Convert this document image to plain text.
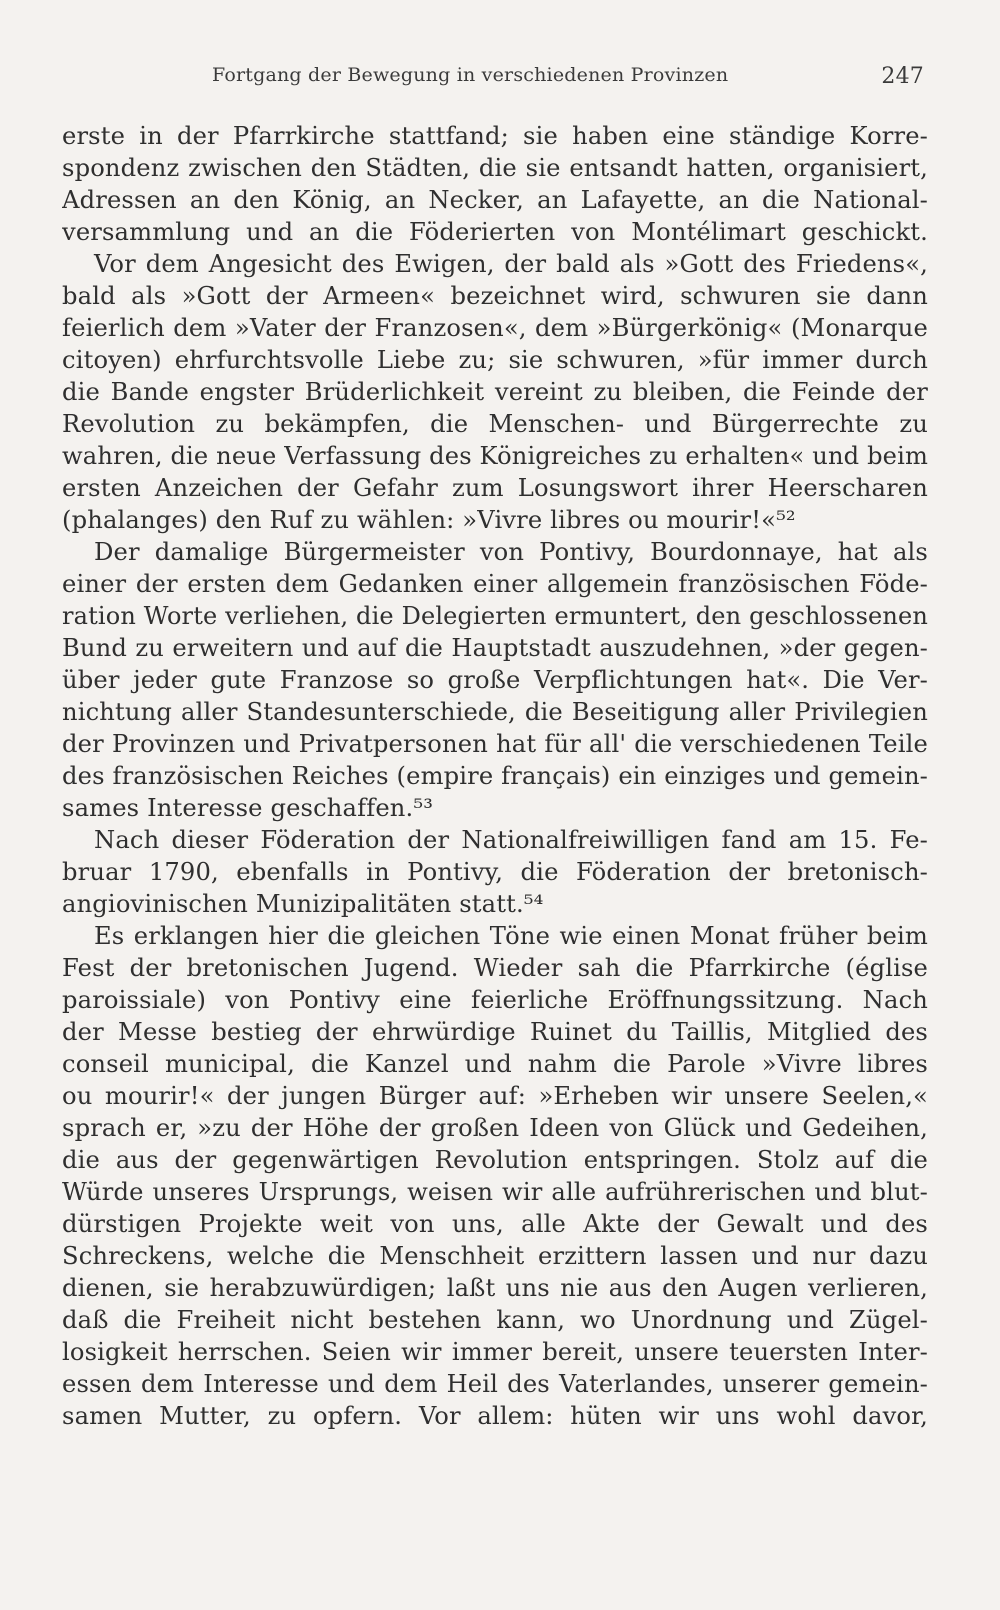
Fortgang der Bewegung in verschiedenen Provinzen	247
erste in der Pfarrkirche stattfand; sie haben eine ständige Korre-
spondenz zwischen den Städten, die sie entsandt hatten, organisiert,
Adressen an den König, an Necker, an Lafayette, an die National-
versammlung und an die Föderierten von Montélimart geschickt.
Vor dem Angesicht des Ewigen, der bald als »Gott des Friedens«,
bald als »Gott der Armeen« bezeichnet wird, schwuren sie dann
feierlich dem »Vater der Franzosen«, dem »Bürgerkönig« (Monarque
citoyen) ehrfurchtsvolle Liebe zu; sie schwuren, »für immer durch
die Bande engster Brüderlichkeit vereint zu bleiben, die Feinde der
Revolution zu bekämpfen, die Menschen- und Bürgerrechte zu
wahren, die neue Verfassung des Königreiches zu erhalten« und beim
ersten Anzeichen der Gefahr zum Losungswort ihrer Heerscharen
(phalanges) den Ruf zu wählen: »Vivre libres ou mourir!«⁵²
Der damalige Bürgermeister von Pontivy, Bourdonnaye, hat als
einer der ersten dem Gedanken einer allgemein französischen Föde-
ration Worte verliehen, die Delegierten ermuntert, den geschlossenen
Bund zu erweitern und auf die Hauptstadt auszudehnen, »der gegen-
über jeder gute Franzose so große Verpflichtungen hat«. Die Ver-
nichtung aller Standesunterschiede, die Beseitigung aller Privilegien
der Provinzen und Privatpersonen hat für all' die verschiedenen Teile
des französischen Reiches (empire français) ein einziges und gemein-
sames Interesse geschaffen.⁵³
Nach dieser Föderation der Nationalfreiwilligen fand am 15. Fe-
bruar 1790, ebenfalls in Pontivy, die Föderation der bretonisch-
angiovinischen Munizipalitäten statt.⁵⁴
Es erklangen hier die gleichen Töne wie einen Monat früher beim
Fest der bretonischen Jugend. Wieder sah die Pfarrkirche (église
paroissiale) von Pontivy eine feierliche Eröffnungssitzung. Nach
der Messe bestieg der ehrwürdige Ruinet du Taillis, Mitglied des
conseil municipal, die Kanzel und nahm die Parole »Vivre libres
ou mourir!« der jungen Bürger auf: »Erheben wir unsere Seelen,«
sprach er, »zu der Höhe der großen Ideen von Glück und Gedeihen,
die aus der gegenwärtigen Revolution entspringen. Stolz auf die
Würde unseres Ursprungs, weisen wir alle aufrührerischen und blut-
dürstigen Projekte weit von uns, alle Akte der Gewalt und des
Schreckens, welche die Menschheit erzittern lassen und nur dazu
dienen, sie herabzuwürdigen; laßt uns nie aus den Augen verlieren,
daß die Freiheit nicht bestehen kann, wo Unordnung und Zügel-
losigkeit herrschen. Seien wir immer bereit, unsere teuersten Inter-
essen dem Interesse und dem Heil des Vaterlandes, unserer gemein-
samen Mutter, zu opfern. Vor allem: hüten wir uns wohl davor,
